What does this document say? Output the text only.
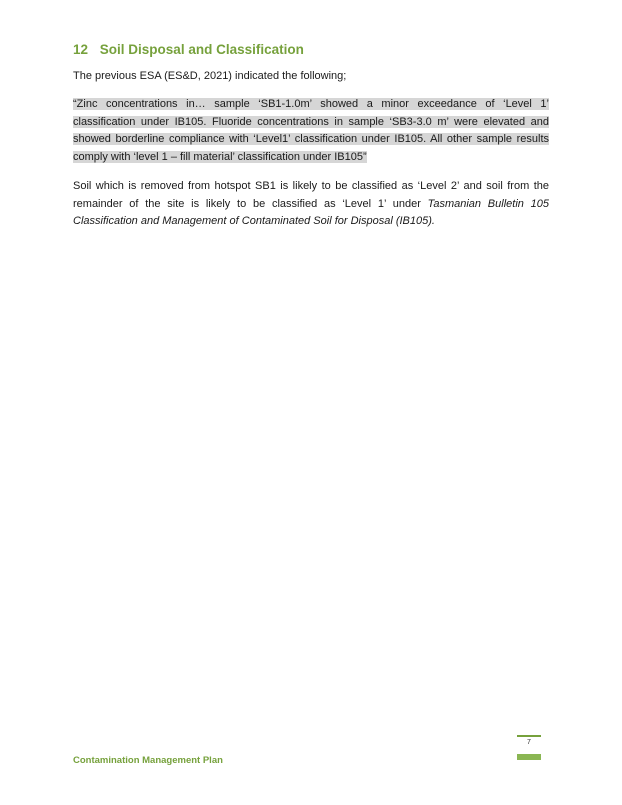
12 Soil Disposal and Classification
The previous ESA (ES&D, 2021) indicated the following;
“Zinc concentrations in… sample ‘SB1-1.0m’ showed a minor exceedance of ‘Level 1’ classification under IB105. Fluoride concentrations in sample ‘SB3-3.0 m’ were elevated and showed borderline compliance with ‘Level1’ classification under IB105. All other sample results comply with ‘level 1 – fill material’ classification under IB105”
Soil which is removed from hotspot SB1 is likely to be classified as ‘Level 2’ and soil from the remainder of the site is likely to be classified as ‘Level 1’ under Tasmanian Bulletin 105 Classification and Management of Contaminated Soil for Disposal (IB105).
Contamination Management Plan
7
